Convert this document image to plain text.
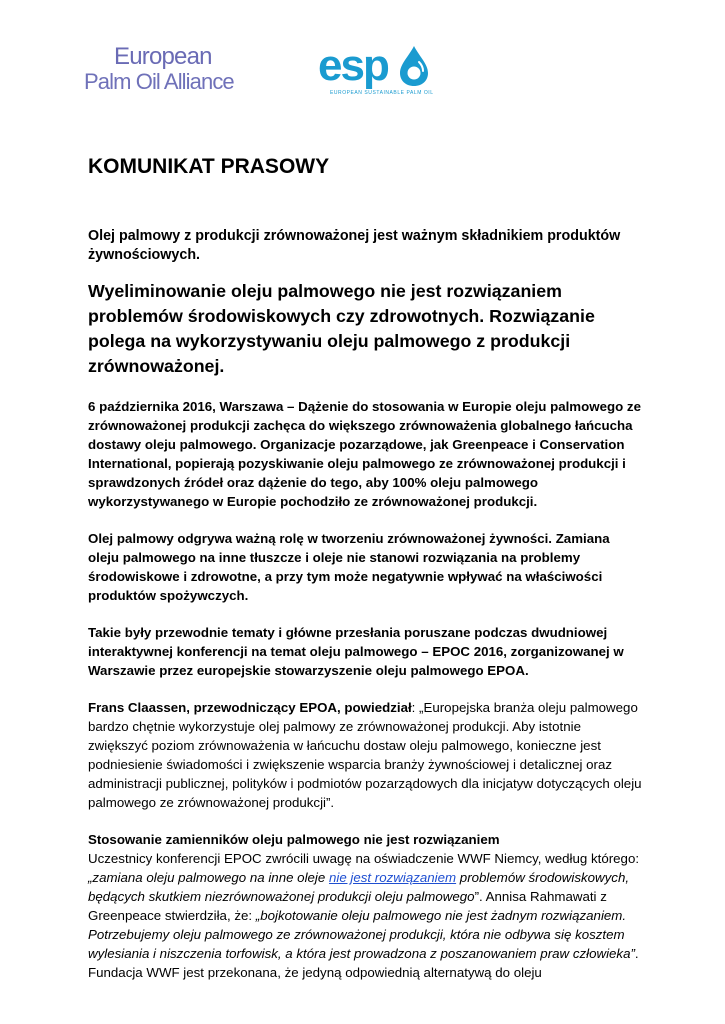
European
Palm Oil Alliance esp
EUROPEAN SUSTAINABLE PALM OIL
KOMUNIKAT PRASOWY
Olej palmowy z produkcji zrównoważonej jest ważnym składnikiem produktów żywnościowych.
Wyeliminowanie oleju palmowego nie jest rozwiązaniem problemów środowiskowych czy zdrowotnych. Rozwiązanie polega na wykorzystywaniu oleju palmowego z produkcji zrównoważonej.

6 października 2016, Warszawa – Dążenie do stosowania w Europie oleju palmowego ze zrównoważonej produkcji zachęca do większego zrównoważenia globalnego łańcucha dostawy oleju palmowego. Organizacje pozarządowe, jak Greenpeace i Conservation International, popierają pozyskiwanie oleju palmowego ze zrównoważonej produkcji i sprawdzonych źródeł oraz dążenie do tego, aby 100% oleju palmowego wykorzystywanego w Europie pochodziło ze zrównoważonej produkcji.

Olej palmowy odgrywa ważną rolę w tworzeniu zrównoważonej żywności. Zamiana oleju palmowego na inne tłuszcze i oleje nie stanowi rozwiązania na problemy środowiskowe i zdrowotne, a przy tym może negatywnie wpływać na właściwości produktów spożywczych.

Takie były przewodnie tematy i główne przesłania poruszane podczas dwudniowej interaktywnej konferencji na temat oleju palmowego – EPOC 2016, zorganizowanej w Warszawie przez europejskie stowarzyszenie oleju palmowego EPOA.

Frans Claassen, przewodniczący EPOA, powiedział: „Europejska branża oleju palmowego bardzo chętnie wykorzystuje olej palmowy ze zrównoważonej produkcji. Aby istotnie zwiększyć poziom zrównoważenia w łańcuchu dostaw oleju palmowego, konieczne jest podniesienie świadomości i zwiększenie wsparcia branży żywnościowej i detalicznej oraz administracji publicznej, polityków i podmiotów pozarządowych dla inicjatyw dotyczących oleju palmowego ze zrównoważonej produkcji”.

Stosowanie zamienników oleju palmowego nie jest rozwiązaniem
Uczestnicy konferencji EPOC zwrócili uwagę na oświadczenie WWF Niemcy, według którego: „zamiana oleju palmowego na inne oleje nie jest rozwiązaniem problemów środowiskowych, będących skutkiem niezrównoważonej produkcji oleju palmowego”. Annisa Rahmawati z Greenpeace stwierdziła, że: „bojkotowanie oleju palmowego nie jest żadnym rozwiązaniem. Potrzebujemy oleju palmowego ze zrównoważonej produkcji, która nie odbywa się kosztem wylesiania i niszczenia torfowisk, a która jest prowadzona z poszanowaniem praw człowieka”. Fundacja WWF jest przekonana, że jedyną odpowiednią alternatywą do oleju
